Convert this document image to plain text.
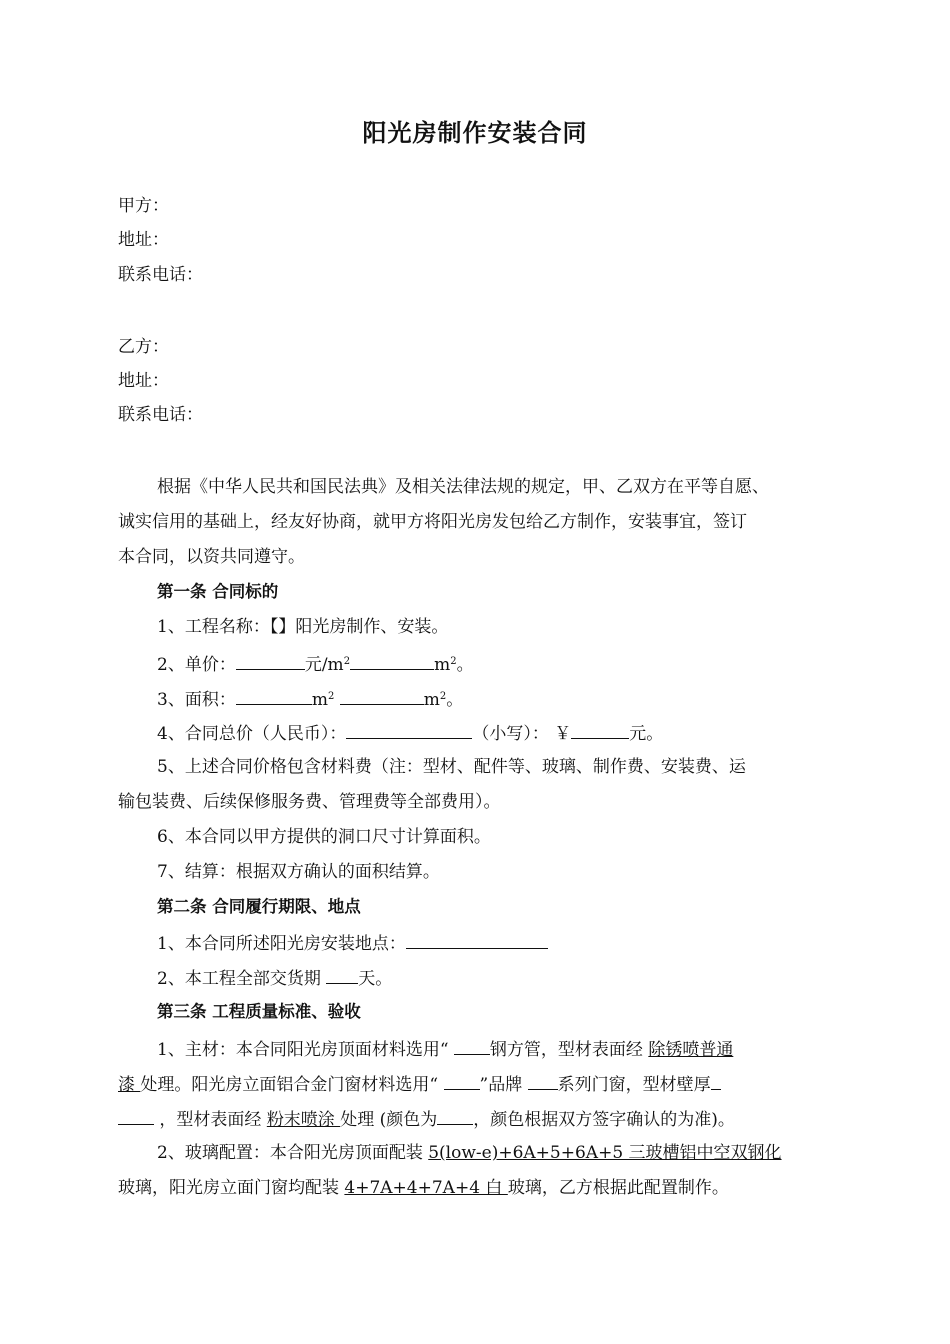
阳光房制作安装合同
甲方：
地址：
联系电话：
乙方：
地址：
联系电话：
根据《中华人民共和国民法典》及相关法律法规的规定，甲、乙双方在平等自愿、
诚实信用的基础上，经友好协商，就甲方将阳光房发包给乙方制作，安装事宜，签订
本合同，以资共同遵守。
第一条 合同标的
1、工程名称：【】阳光房制作、安装。
2、单价：	元$/m^2$	$m^2$。
3、面积：	$m^2$	$m^2$。
4、合同总价（人民币）：	（小写）： ￥	元。
5、上述合同价格包含材料费（注：型材、配件等、玻璃、制作费、安装费、运
输包装费、后续保修服务费、管理费等全部费用）。
6、本合同以甲方提供的洞口尺寸计算面积。
7、结算：根据双方确认的面积结算。
第二条 合同履行期限、地点
1、本合同所述阳光房安装地点：
2、本工程全部交货期 天。
第三条 工程质量标准、验收
1、主材：本合同阳光房顶面材料选用“ 钢方管，型材表面经 除锈喷普通
漆 处理。阳光房立面铝合金门窗材料选用“ ”品牌 系列门窗，型材壁厚
，型材表面经 粉末喷涂 处理 (颜色为 ，颜色根据双方签字确认的为准)。
2、玻璃配置：本合阳光房顶面配装 5(low-e)+6A+5+6A+5 三玻槽铝中空双钢化
玻璃，阳光房立面门窗均配装 4+7A+4+7A+4 白 玻璃，乙方根据此配置制作。
